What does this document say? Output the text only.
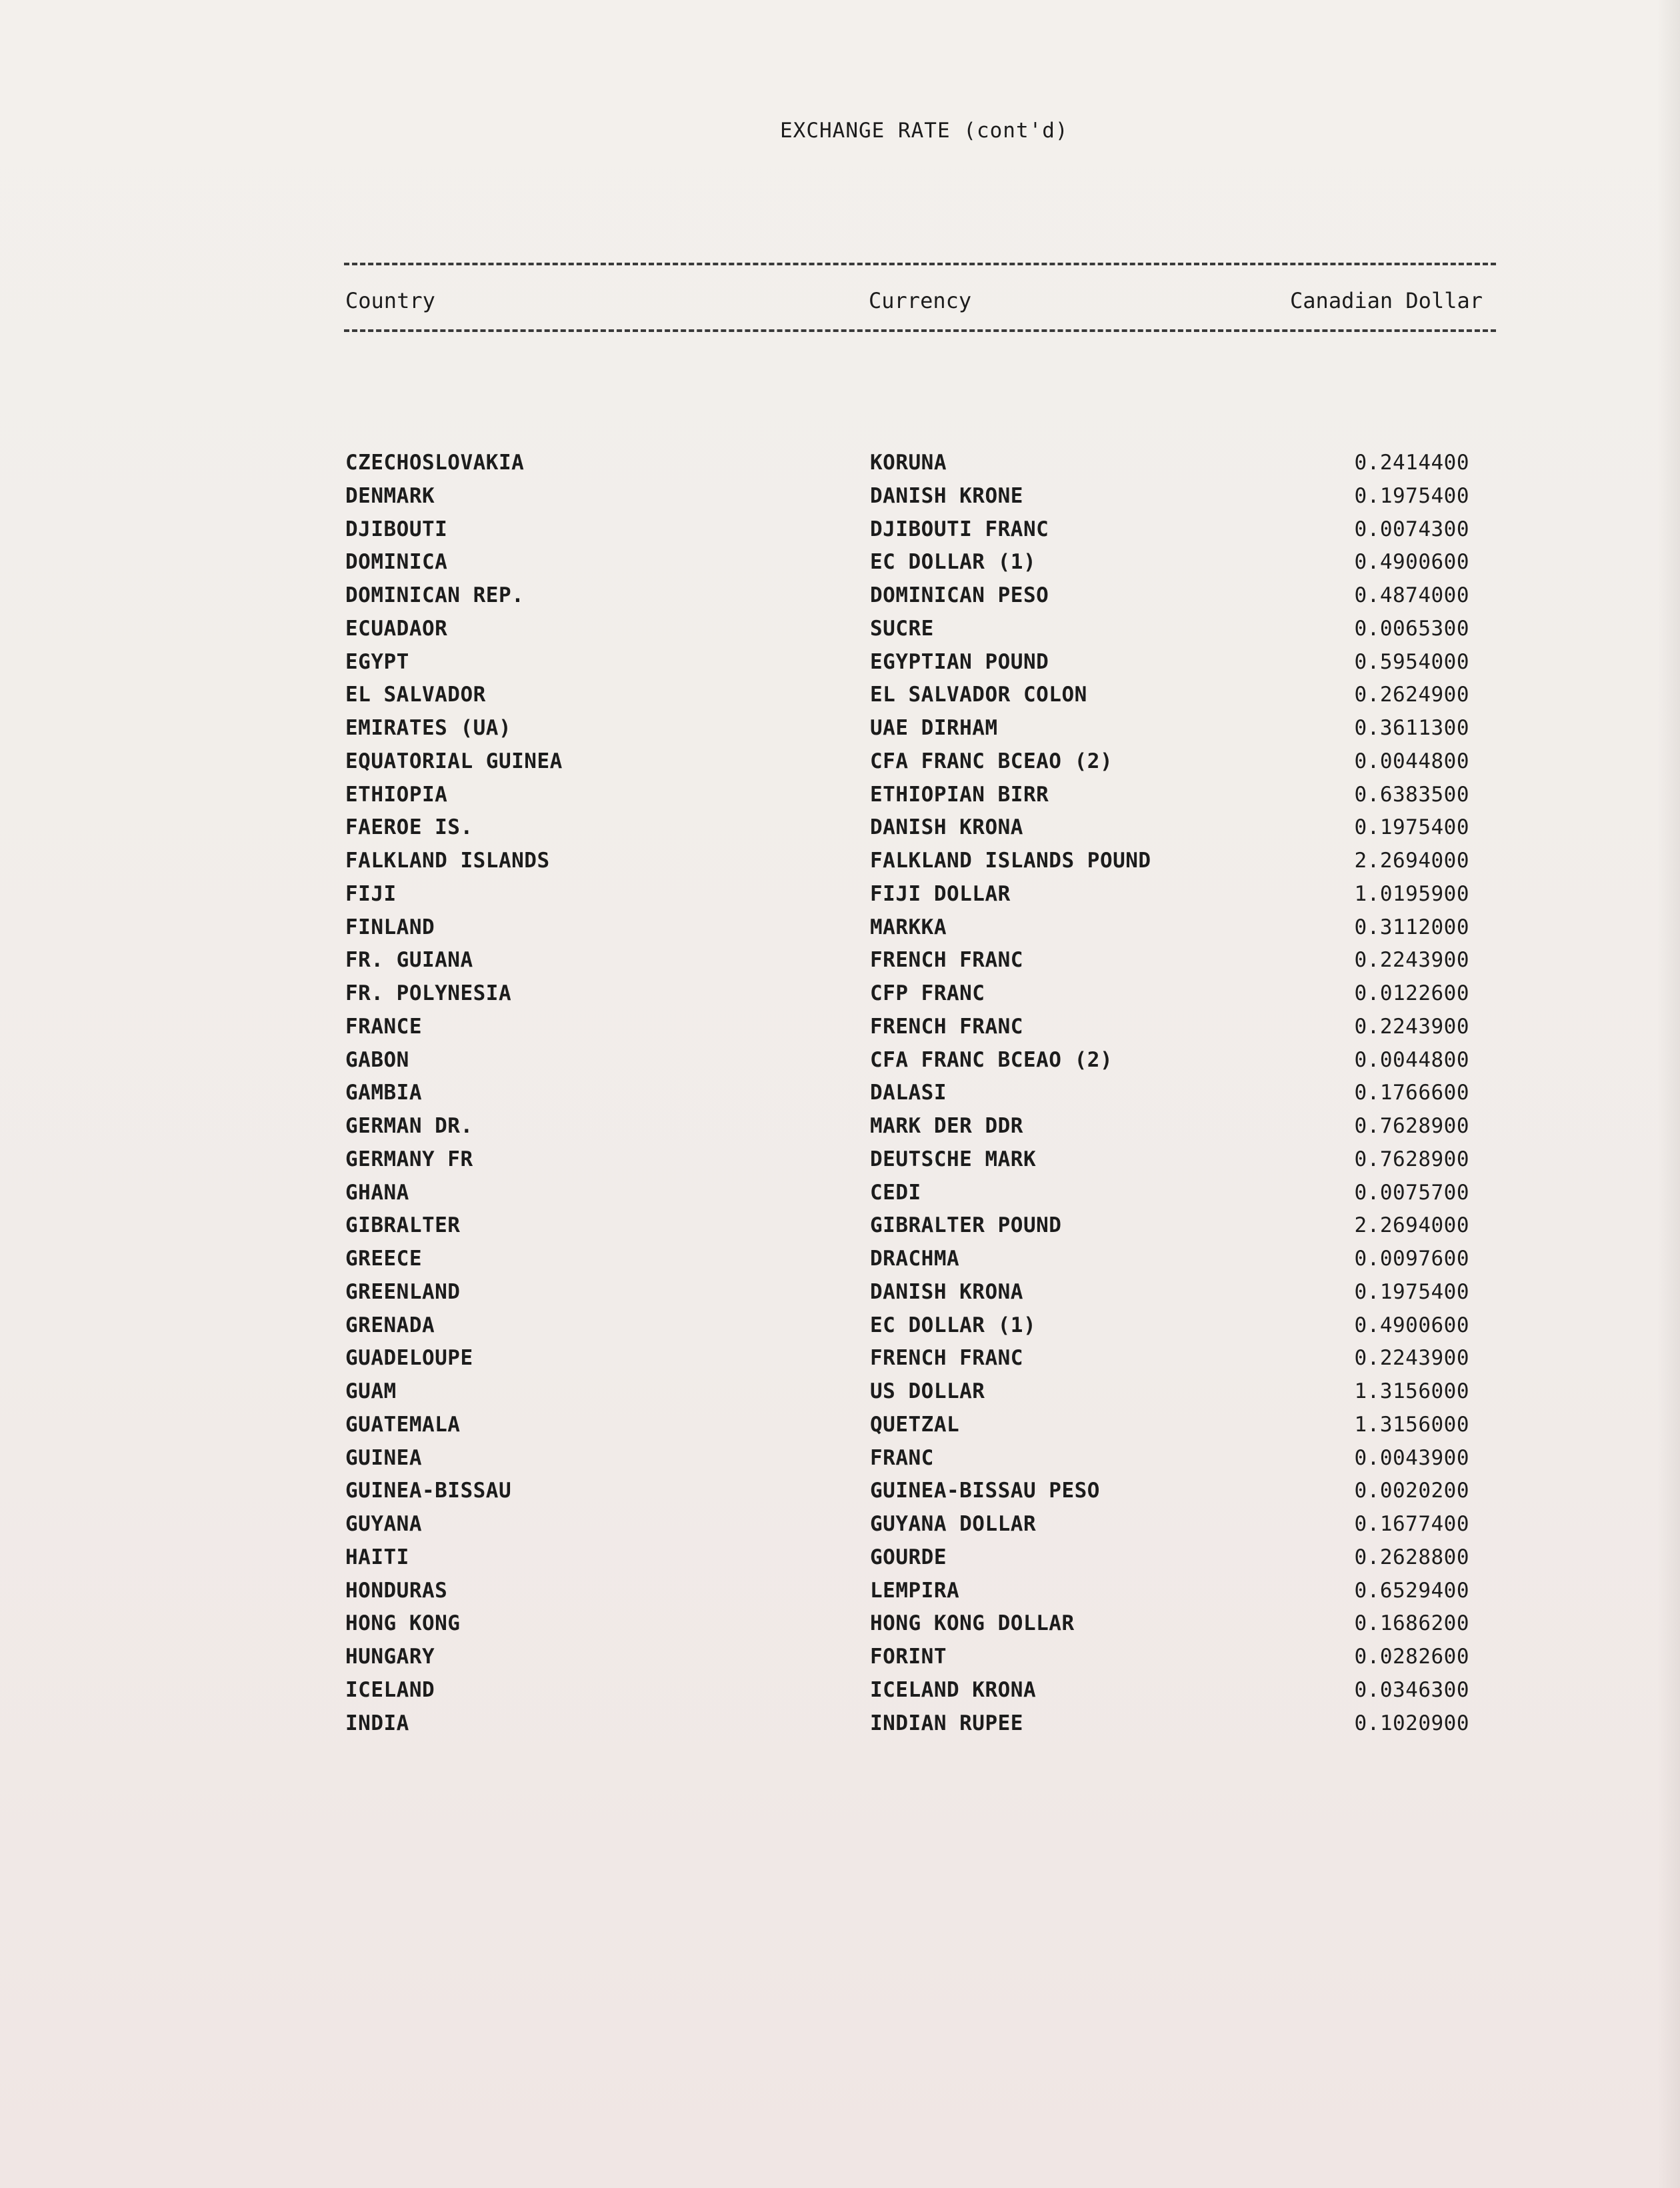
EXCHANGE RATE (cont'd)
Country	Currency	Canadian Dollar
CZECHOSLOVAKIA	KORUNA	0.2414400
DENMARK	DANISH KRONE	0.1975400
DJIBOUTI	DJIBOUTI FRANC	0.0074300
DOMINICA	EC DOLLAR (1)	0.4900600
DOMINICAN REP.	DOMINICAN PESO	0.4874000
ECUADAOR	SUCRE	0.0065300
EGYPT	EGYPTIAN POUND	0.5954000
EL SALVADOR	EL SALVADOR COLON	0.2624900
EMIRATES (UA)	UAE DIRHAM	0.3611300
EQUATORIAL GUINEA	CFA FRANC BCEAO (2)	0.0044800
ETHIOPIA	ETHIOPIAN BIRR	0.6383500
FAEROE IS.	DANISH KRONA	0.1975400
FALKLAND ISLANDS	FALKLAND ISLANDS POUND	2.2694000
FIJI	FIJI DOLLAR	1.0195900
FINLAND	MARKKA	0.3112000
FR. GUIANA	FRENCH FRANC	0.2243900
FR. POLYNESIA	CFP FRANC	0.0122600
FRANCE	FRENCH FRANC	0.2243900
GABON	CFA FRANC BCEAO (2)	0.0044800
GAMBIA	DALASI	0.1766600
GERMAN DR.	MARK DER DDR	0.7628900
GERMANY FR	DEUTSCHE MARK	0.7628900
GHANA	CEDI	0.0075700
GIBRALTER	GIBRALTER POUND	2.2694000
GREECE	DRACHMA	0.0097600
GREENLAND	DANISH KRONA	0.1975400
GRENADA	EC DOLLAR (1)	0.4900600
GUADELOUPE	FRENCH FRANC	0.2243900
GUAM	US DOLLAR	1.3156000
GUATEMALA	QUETZAL	1.3156000
GUINEA	FRANC	0.0043900
GUINEA-BISSAU	GUINEA-BISSAU PESO	0.0020200
GUYANA	GUYANA DOLLAR	0.1677400
HAITI	GOURDE	0.2628800
HONDURAS	LEMPIRA	0.6529400
HONG KONG	HONG KONG DOLLAR	0.1686200
HUNGARY	FORINT	0.0282600
ICELAND	ICELAND KRONA	0.0346300
INDIA	INDIAN RUPEE	0.1020900
